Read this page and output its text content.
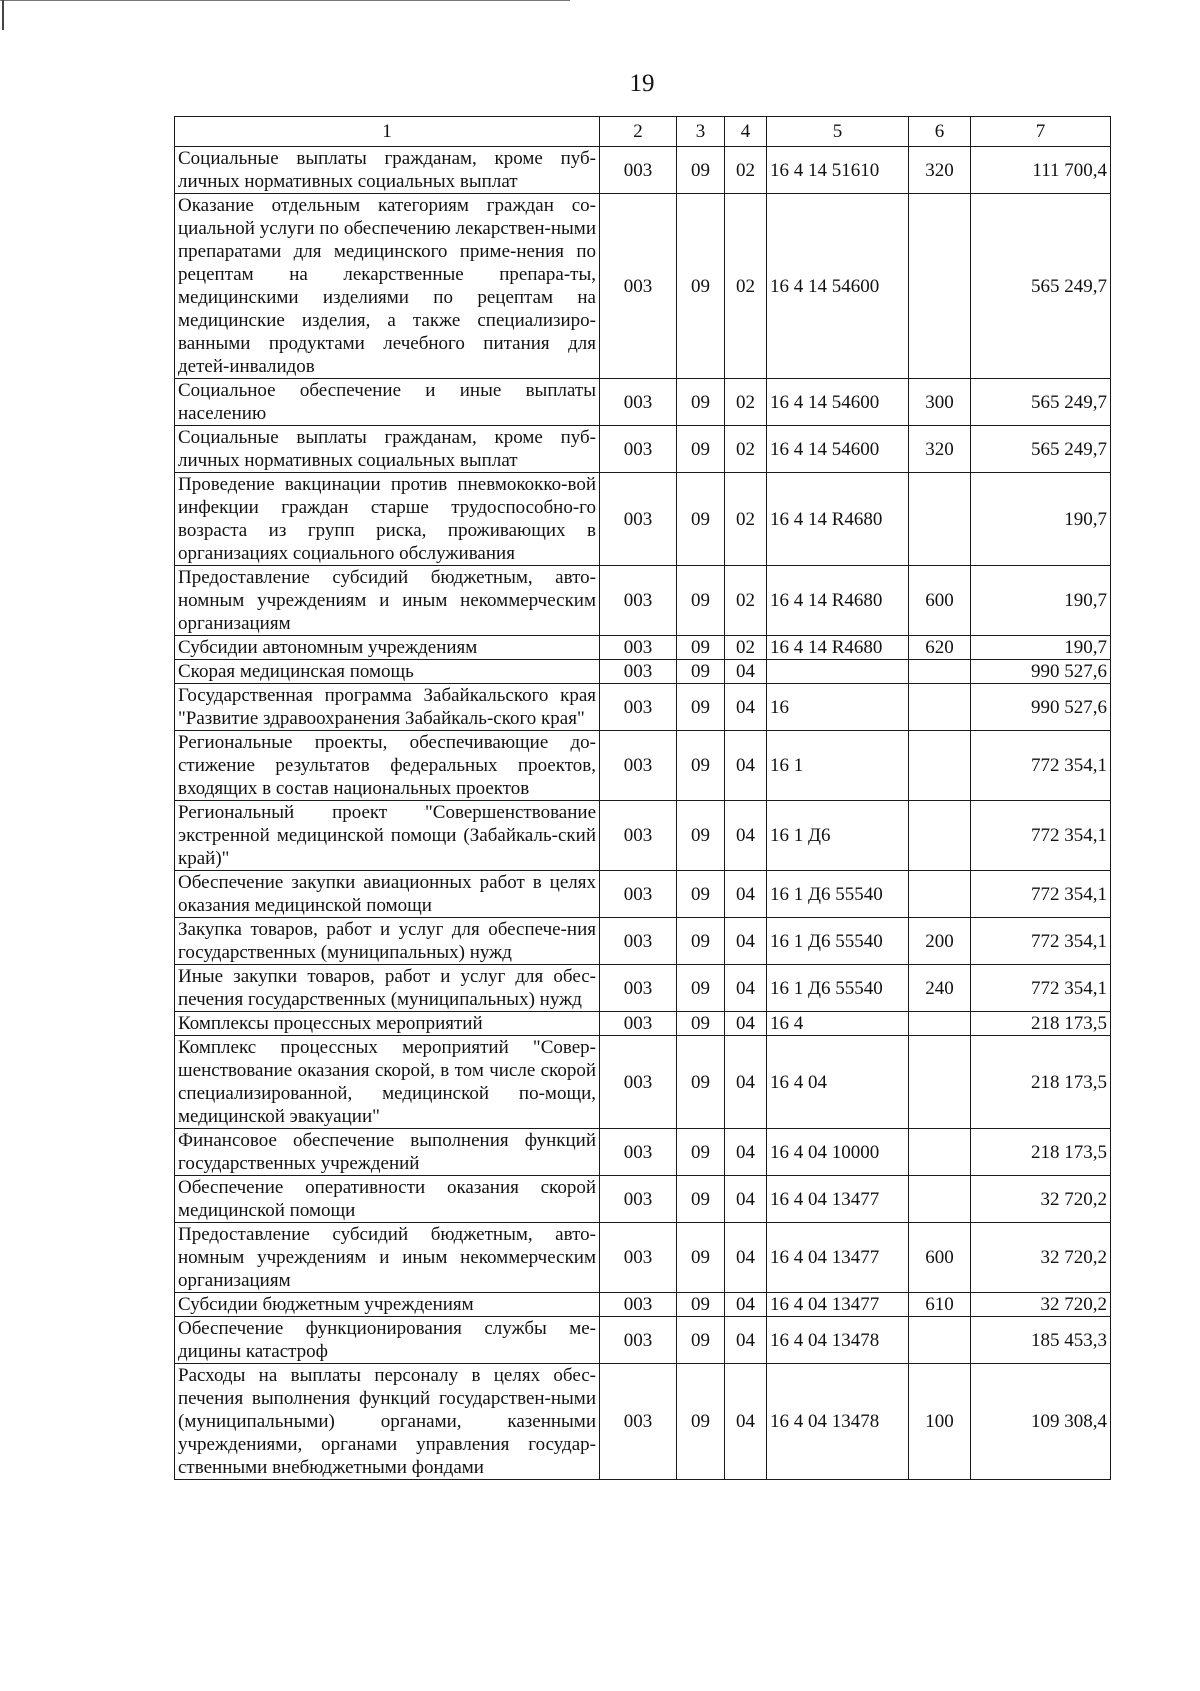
19
1	2	3	4	5	6	7
Социальные выплаты гражданам, кроме пуб-личных нормативных социальных выплат	003	09	02	16 4 14 51610	320	111 700,4
Оказание отдельным категориям граждан со-циальной услуги по обеспечению лекарствен-ными препаратами для медицинского приме-нения по рецептам на лекарственные препара-ты, медицинскими изделиями по рецептам на медицинские изделия, а также специализиро-ванными продуктами лечебного питания для детей-инвалидов	003	09	02	16 4 14 54600		565 249,7
Социальное обеспечение и иные выплаты населению	003	09	02	16 4 14 54600	300	565 249,7
Социальные выплаты гражданам, кроме пуб-личных нормативных социальных выплат	003	09	02	16 4 14 54600	320	565 249,7
Проведение вакцинации против пневмококко-вой инфекции граждан старше трудоспособно-го возраста из групп риска, проживающих в организациях социального обслуживания	003	09	02	16 4 14 R4680		190,7
Предоставление субсидий бюджетным, авто-номным учреждениям и иным некоммерческим организациям	003	09	02	16 4 14 R4680	600	190,7
Субсидии автономным учреждениям	003	09	02	16 4 14 R4680	620	190,7
Скорая медицинская помощь	003	09	04			990 527,6
Государственная программа Забайкальского края "Развитие здравоохранения Забайкаль-ского края"	003	09	04	16		990 527,6
Региональные проекты, обеспечивающие до-стижение результатов федеральных проектов, входящих в состав национальных проектов	003	09	04	16 1		772 354,1
Региональный проект "Совершенствование экстренной медицинской помощи (Забайкаль-ский край)"	003	09	04	16 1 Д6		772 354,1
Обеспечение закупки авиационных работ в целях оказания медицинской помощи	003	09	04	16 1 Д6 55540		772 354,1
Закупка товаров, работ и услуг для обеспече-ния государственных (муниципальных) нужд	003	09	04	16 1 Д6 55540	200	772 354,1
Иные закупки товаров, работ и услуг для обес-печения государственных (муниципальных) нужд	003	09	04	16 1 Д6 55540	240	772 354,1
Комплексы процессных мероприятий	003	09	04	16 4		218 173,5
Комплекс процессных мероприятий "Совер-шенствование оказания скорой, в том числе скорой специализированной, медицинской по-мощи, медицинской эвакуации"	003	09	04	16 4 04		218 173,5
Финансовое обеспечение выполнения функций государственных учреждений	003	09	04	16 4 04 10000		218 173,5
Обеспечение оперативности оказания скорой медицинской помощи	003	09	04	16 4 04 13477		32 720,2
Предоставление субсидий бюджетным, авто-номным учреждениям и иным некоммерческим организациям	003	09	04	16 4 04 13477	600	32 720,2
Субсидии бюджетным учреждениям	003	09	04	16 4 04 13477	610	32 720,2
Обеспечение функционирования службы ме-дицины катастроф	003	09	04	16 4 04 13478		185 453,3
Расходы на выплаты персоналу в целях обес-печения выполнения функций государствен-ными (муниципальными) органами, казенными учреждениями, органами управления государ-ственными внебюджетными фондами	003	09	04	16 4 04 13478	100	109 308,4
